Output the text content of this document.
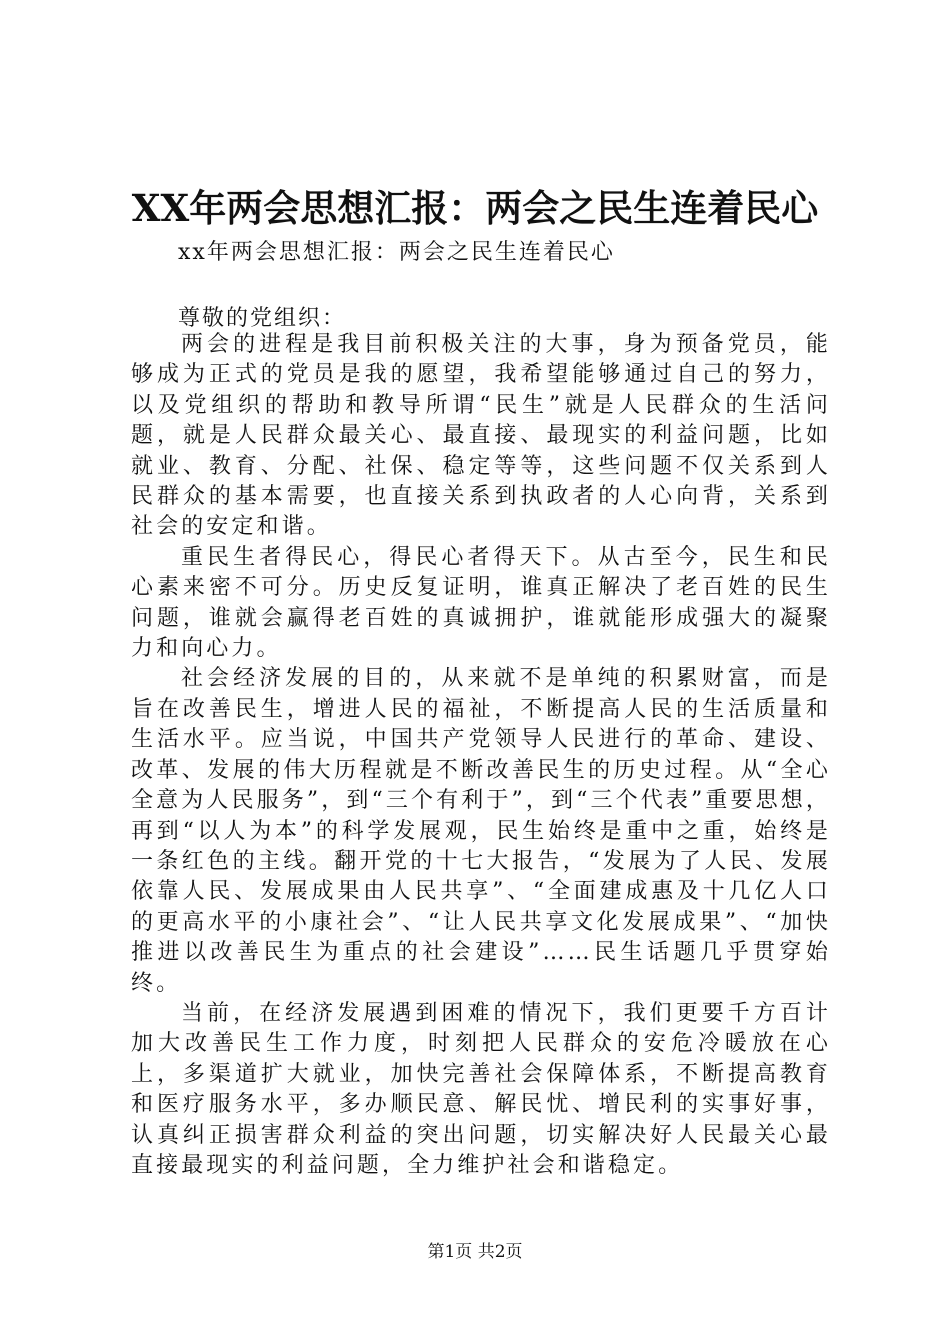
XX年两会思想汇报：两会之民生连着民心
xx年两会思想汇报：两会之民生连着民心
尊敬的党组织：

两会的进程是我目前积极关注的大事，身为预备党员，能够成为正式的党员是我的愿望，我希望能够通过自己的努力，以及党组织的帮助和教导所谓“民生”就是人民群众的生活问题，就是人民群众最关心、最直接、最现实的利益问题，比如就业、教育、分配、社保、稳定等等，这些问题不仅关系到人民群众的基本需要，也直接关系到执政者的人心向背，关系到社会的安定和谐。

重民生者得民心，得民心者得天下。从古至今，民生和民心素来密不可分。历史反复证明，谁真正解决了老百姓的民生问题，谁就会赢得老百姓的真诚拥护，谁就能形成强大的凝聚力和向心力。

社会经济发展的目的，从来就不是单纯的积累财富，而是旨在改善民生，增进人民的福祉，不断提高人民的生活质量和生活水平。应当说，中国共产党领导人民进行的革命、建设、改革、发展的伟大历程就是不断改善民生的历史过程。从“全心全意为人民服务”，到“三个有利于”，到“三个代表”重要思想，再到“以人为本”的科学发展观，民生始终是重中之重，始终是一条红色的主线。翻开党的十七大报告，“发展为了人民、发展依靠人民、发展成果由人民共享”、“全面建成惠及十几亿人口的更高水平的小康社会”、“让人民共享文化发展成果”、“加快推进以改善民生为重点的社会建设”……民生话题几乎贯穿始终。

当前，在经济发展遇到困难的情况下，我们更要千方百计加大改善民生工作力度，时刻把人民群众的安危冷暖放在心上，多渠道扩大就业，加快完善社会保障体系，不断提高教育和医疗服务水平，多办顺民意、解民忧、增民利的实事好事，认真纠正损害群众利益的突出问题，切实解决好人民最关心最直接最现实的利益问题，全力维护社会和谐稳定。

第1页 共2页
